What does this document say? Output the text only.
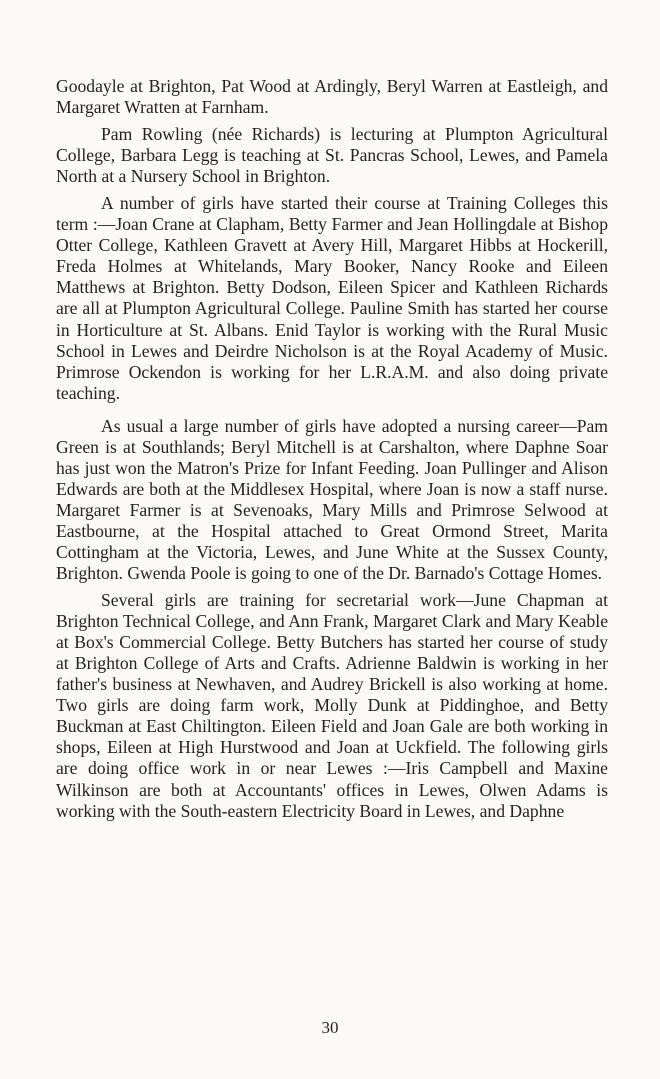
Goodayle at Brighton, Pat Wood at Ardingly, Beryl Warren at Eastleigh, and Margaret Wratten at Farnham.

Pam Rowling (née Richards) is lecturing at Plumpton Agricultural College, Barbara Legg is teaching at St. Pancras School, Lewes, and Pamela North at a Nursery School in Brighton.

A number of girls have started their course at Training Colleges this term :—Joan Crane at Clapham, Betty Farmer and Jean Hollingdale at Bishop Otter College, Kathleen Gravett at Avery Hill, Margaret Hibbs at Hockerill, Freda Holmes at Whitelands, Mary Booker, Nancy Rooke and Eileen Matthews at Brighton. Betty Dodson, Eileen Spicer and Kathleen Richards are all at Plumpton Agricultural College. Pauline Smith has started her course in Horticulture at St. Albans. Enid Taylor is working with the Rural Music School in Lewes and Deirdre Nicholson is at the Royal Academy of Music. Primrose Ockendon is working for her L.R.A.M. and also doing private teaching.

As usual a large number of girls have adopted a nursing career—Pam Green is at Southlands; Beryl Mitchell is at Carshalton, where Daphne Soar has just won the Matron's Prize for Infant Feeding. Joan Pullinger and Alison Edwards are both at the Middlesex Hospital, where Joan is now a staff nurse. Margaret Farmer is at Sevenoaks, Mary Mills and Primrose Selwood at Eastbourne, at the Hospital attached to Great Ormond Street, Marita Cottingham at the Victoria, Lewes, and June White at the Sussex County, Brighton. Gwenda Poole is going to one of the Dr. Barnado's Cottage Homes.

Several girls are training for secretarial work—June Chapman at Brighton Technical College, and Ann Frank, Margaret Clark and Mary Keable at Box's Commercial College. Betty Butchers has started her course of study at Brighton College of Arts and Crafts. Adrienne Baldwin is working in her father's business at Newhaven, and Audrey Brickell is also working at home. Two girls are doing farm work, Molly Dunk at Piddinghoe, and Betty Buckman at East Chiltington. Eileen Field and Joan Gale are both working in shops, Eileen at High Hurstwood and Joan at Uckfield. The following girls are doing office work in or near Lewes :—Iris Campbell and Maxine Wilkinson are both at Accountants' offices in Lewes, Olwen Adams is working with the South-eastern Electricity Board in Lewes, and Daphne

30
